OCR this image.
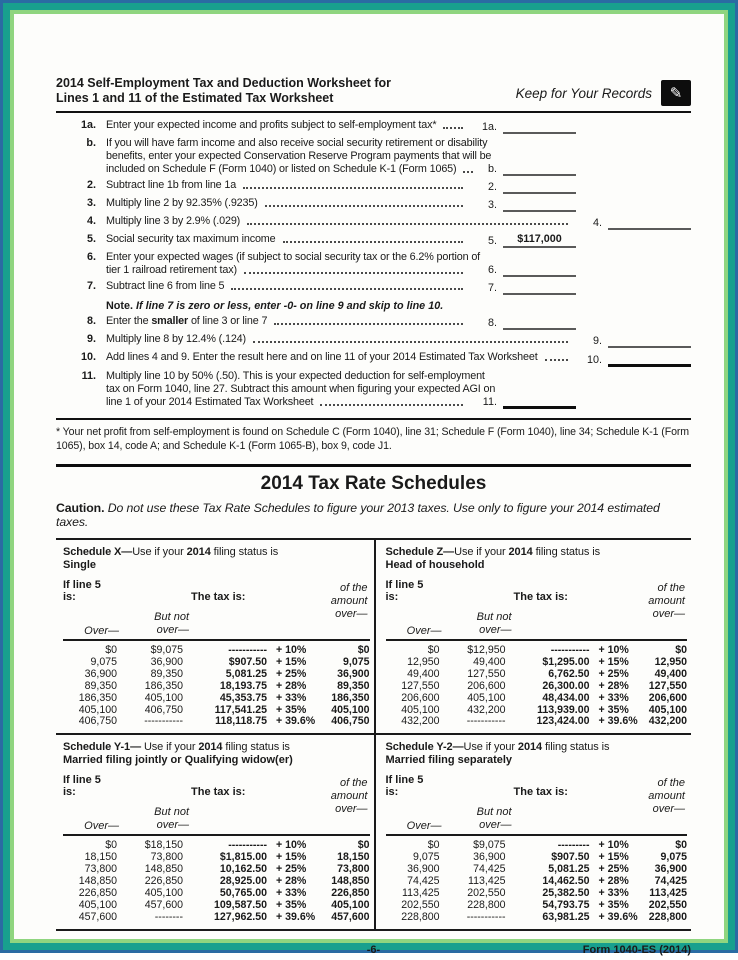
2014 Self-Employment Tax and Deduction Worksheet for
Lines 1 and 11 of the Estimated Tax Worksheet	Keep for Your Records	✎
1a. Enter your expected income and profits subject to self-employment tax*	1a.
b. If you will have farm income and also receive social security retirement or disability
benefits, enter your expected Conservation Reserve Program payments that will be
included on Schedule F (Form 1040) or listed on Schedule K-1 (Form 1065)	b.
2. Subtract line 1b from line 1a	2.
3. Multiply line 2 by 92.35% (.9235)	3.
4. Multiply line 3 by 2.9% (.029)	4.
5. Social security tax maximum income	5.	$117,000
6. Enter your expected wages (if subject to social security tax or the 6.2% portion of
tier 1 railroad retirement tax)	6.
7. Subtract line 6 from line 5	7.
Note. If line 7 is zero or less, enter -0- on line 9 and skip to line 10.
8. Enter the smaller of line 3 or line 7	8.
9. Multiply line 8 by 12.4% (.124)	9.
10. Add lines 4 and 9. Enter the result here and on line 11 of your 2014 Estimated Tax Worksheet	10.
11. Multiply line 10 by 50% (.50). This is your expected deduction for self-employment
tax on Form 1040, line 27. Subtract this amount when figuring your expected AGI on
line 1 of your 2014 Estimated Tax Worksheet	11.
* Your net profit from self-employment is found on Schedule C (Form 1040), line 31; Schedule F (Form 1040), line 34; Schedule K-1 (Form 1065), box 14, code A; and Schedule K-1 (Form 1065-B), box 9, code J1.
2014 Tax Rate Schedules
Caution. Do not use these Tax Rate Schedules to figure your 2013 taxes. Use only to figure your 2014 estimated taxes.
Schedule X—Use if your 2014 filing status is
Single
If line 5
is:	The tax is:
of the
amount
over—
But not
over—
Over—
$0	$9,075	----------- + 10%	$0
9,075	36,900	$907.50 + 15%	9,075
36,900	89,350	5,081.25 + 25%	36,900
89,350	186,350	18,193.75 + 28%	89,350
186,350	405,100	45,353.75 + 33%	186,350
405,100	406,750	117,541.25 + 35%	405,100
406,750	-----------	118,118.75 + 39.6%	406,750
Schedule Z—Use if your 2014 filing status is
Head of household
If line 5
is:	The tax is:
of the
amount
over—
But not
over—
Over—
$0	$12,950	----------- + 10%	$0
12,950	49,400	$1,295.00 + 15%	12,950
49,400	127,550	6,762.50 + 25%	49,400
127,550	206,600	26,300.00 + 28%	127,550
206,600	405,100	48,434.00 + 33%	206,600
405,100	432,200	113,939.00 + 35%	405,100
432,200	-----------	123,424.00 + 39.6%	432,200
Schedule Y-1— Use if your 2014 filing status is
Married filing jointly or Qualifying widow(er)
If line 5
is:	The tax is:
of the
amount
over—
But not
over—
Over—
$0	$18,150	----------- + 10%	$0
18,150	73,800	$1,815.00 + 15%	18,150
73,800	148,850	10,162.50 + 25%	73,800
148,850	226,850	28,925.00 + 28%	148,850
226,850	405,100	50,765.00 + 33%	226,850
405,100	457,600	109,587.50 + 35%	405,100
457,600	--------	127,962.50 + 39.6%	457,600
Schedule Y-2—Use if your 2014 filing status is
Married filing separately
If line 5
is:	The tax is:
of the
amount
over—
But not
over—
Over—
$0	$9,075	--------- + 10%	$0
9,075	36,900	$907.50 + 15%	9,075
36,900	74,425	5,081.25 + 25%	36,900
74,425	113,425	14,462.50 + 28%	74,425
113,425	202,550	25,382.50 + 33%	113,425
202,550	228,800	54,793.75 + 35%	202,550
228,800	-----------	63,981.25 + 39.6%	228,800
-6-	Form 1040-ES (2014)
